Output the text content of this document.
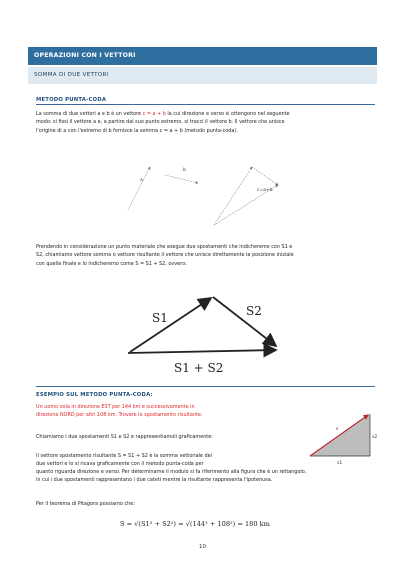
OPERAZIONI CON I VETTORI
SOMMA DI DUE VETTORI
METODO PUNTA-CODA
La somma di due vettori a e b è un vettore c = a + b la cui direzione e verso si ottengono nel seguente
modo: si fissi il vettore a e, a partire dal suo punto estremo, si tracci il vettore b. Il vettore che unisce
l'origine di a con l'estremo di b fornisce la somma c = a + b (metodo punta-coda).
a
b
c=a+b
Prendendo in considerazione un punto materiale che esegue due spostamenti che indicheremo con S1 e
S2, chiamiamo vettore somma o vettore risultante il vettore che unisce direttamente la posizione iniziale
con quella finale e lo indicheremo come S = S1 + S2, ovvero:
S1	S2
S1 + S2
ESEMPIO SUL METODO PUNTA-CODA:
Un uomo vola in direzione EST per 144 km e successivamente in
direzione NORD per altri 108 km. Trovare lo spostamento risultante.
Chiamiamo i due spostamenti S1 e S2 e rappresentiamoli graficamente:
Il vettore spostamento risultante S = S1 + S2 è la somma vettoriale dei
due vettori e lo si ricava graficamente con il metodo punta-coda per
s
s1
s2
quanto riguarda direzione e verso. Per determinarne il modulo si fa riferimento alla figura che è un rettangolo,
in cui i due spostamenti rappresentano i due cateti mentre la risultante rappresenta l'ipotenusa.
Per il teorema di Pitagora possiamo che:
S = √(S1² + S2²) = √(144² + 108²) = 180 km
10
